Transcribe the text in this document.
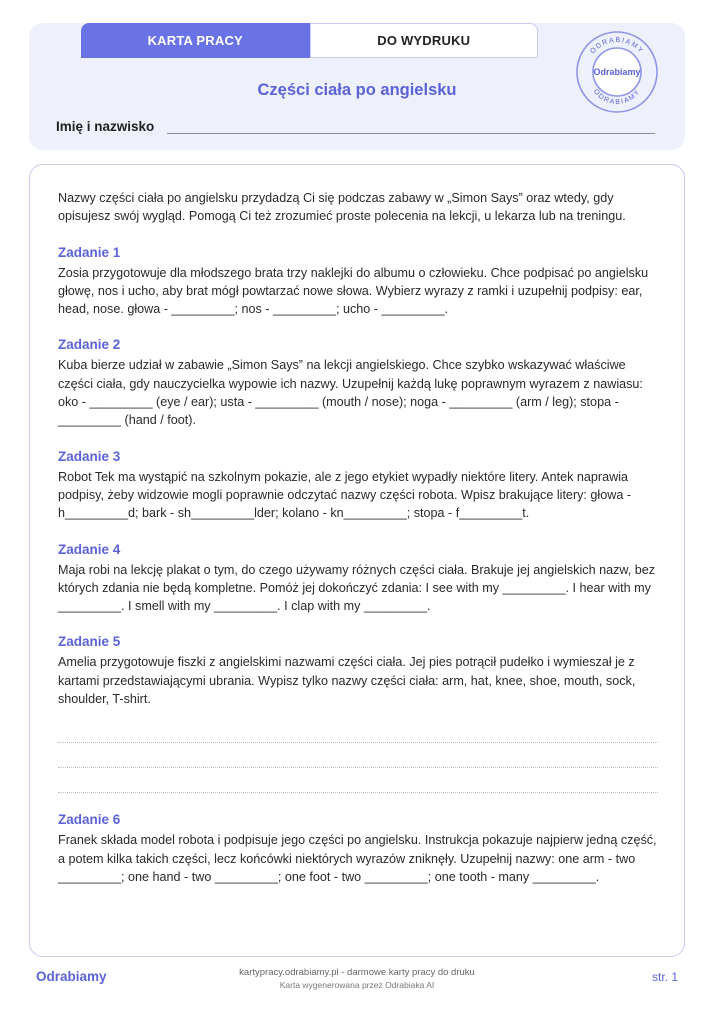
KARTA PRACY	DO WYDRUKU
Części ciała po angielsku
Imię i nazwisko
ODRABIAMY
ODRABIAMY
Odrabiamy

Nazwy części ciała po angielsku przydadzą Ci się podczas zabawy w „Simon Says” oraz wtedy, gdy opisujesz swój wygląd. Pomogą Ci też zrozumieć proste polecenia na lekcji, u lekarza lub na treningu.

Zadanie 1

Zosia przygotowuje dla młodszego brata trzy naklejki do albumu o człowieku. Chce podpisać po angielsku głowę, nos i ucho, aby brat mógł powtarzać nowe słowa. Wybierz wyrazy z ramki i uzupełnij podpisy: ear, head, nose. głowa - _________; nos - _________; ucho - _________.

Zadanie 2

Kuba bierze udział w zabawie „Simon Says” na lekcji angielskiego. Chce szybko wskazywać właściwe części ciała, gdy nauczycielka wypowie ich nazwy. Uzupełnij każdą lukę poprawnym wyrazem z nawiasu: oko - _________ (eye / ear); usta - _________ (mouth / nose); noga - _________ (arm / leg); stopa - _________ (hand / foot).

Zadanie 3

Robot Tek ma wystąpić na szkolnym pokazie, ale z jego etykiet wypadły niektóre litery. Antek naprawia podpisy, żeby widzowie mogli poprawnie odczytać nazwy części robota. Wpisz brakujące litery: głowa - h_________d; bark - sh_________lder; kolano - kn_________; stopa - f_________t.

Zadanie 4

Maja robi na lekcję plakat o tym, do czego używamy różnych części ciała. Brakuje jej angielskich nazw, bez których zdania nie będą kompletne. Pomóż jej dokończyć zdania: I see with my _________. I hear with my _________. I smell with my _________. I clap with my _________.

Zadanie 5

Amelia przygotowuje fiszki z angielskimi nazwami części ciała. Jej pies potrącił pudełko i wymieszał je z kartami przedstawiającymi ubrania. Wypisz tylko nazwy części ciała: arm, hat, knee, shoe, mouth, sock, shoulder, T-shirt.

Zadanie 6

Franek składa model robota i podpisuje jego części po angielsku. Instrukcja pokazuje najpierw jedną część, a potem kilka takich części, lecz końcówki niektórych wyrazów zniknęły. Uzupełnij nazwy: one arm - two _________; one hand - two _________; one foot - two _________; one tooth - many _________.

Odrabiamy	kartypracy.odrabiamy.pl - darmowe karty pracy do druku
Karta wygenerowana przez Odrabiaka AI
str. 1
